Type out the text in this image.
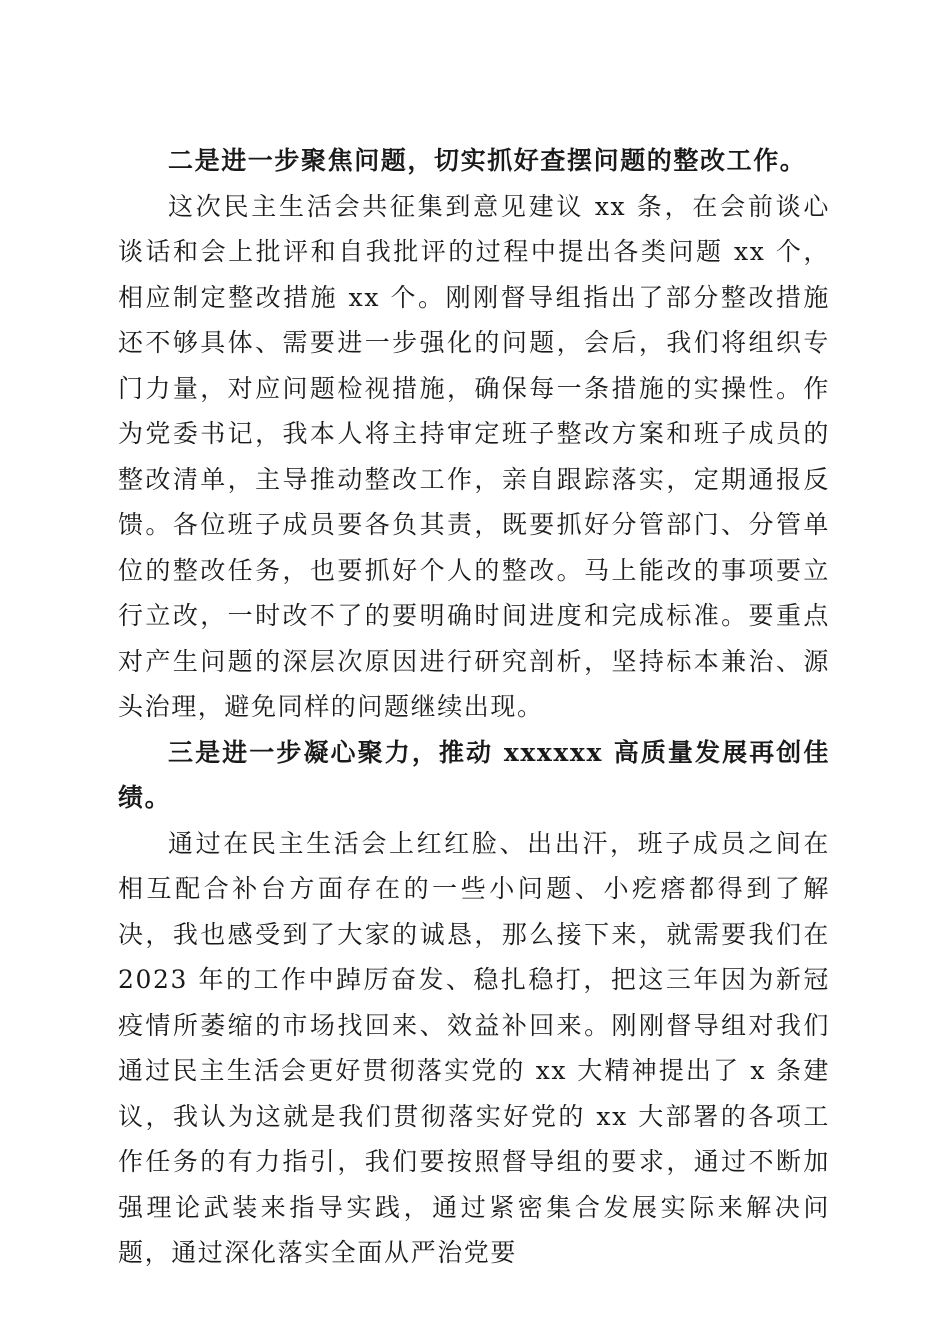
二是进一步聚焦问题，切实抓好查摆问题的整改工作。

这次民主生活会共征集到意见建议 xx 条，在会前谈心谈话和会上批评和自我批评的过程中提出各类问题 xx 个，相应制定整改措施 xx 个。刚刚督导组指出了部分整改措施还不够具体、需要进一步强化的问题，会后，我们将组织专门力量，对应问题检视措施，确保每一条措施的实操性。作为党委书记，我本人将主持审定班子整改方案和班子成员的整改清单，主导推动整改工作，亲自跟踪落实，定期通报反馈。各位班子成员要各负其责，既要抓好分管部门、分管单位的整改任务，也要抓好个人的整改。马上能改的事项要立行立改，一时改不了的要明确时间进度和完成标准。要重点对产生问题的深层次原因进行研究剖析，坚持标本兼治、源头治理，避免同样的问题继续出现。

三是进一步凝心聚力，推动 xxxxxx 高质量发展再创佳绩。

通过在民主生活会上红红脸、出出汗，班子成员之间在相互配合补台方面存在的一些小问题、小疙瘩都得到了解决，我也感受到了大家的诚恳，那么接下来，就需要我们在 2023 年的工作中踔厉奋发、稳扎稳打，把这三年因为新冠疫情所萎缩的市场找回来、效益补回来。刚刚督导组对我们通过民主生活会更好贯彻落实党的 xx 大精神提出了 x 条建议，我认为这就是我们贯彻落实好党的 xx 大部署的各项工作任务的有力指引，我们要按照督导组的要求，通过不断加强理论武装来指导实践，通过紧密集合发展实际来解决问题，通过深化落实全面从严治党要
